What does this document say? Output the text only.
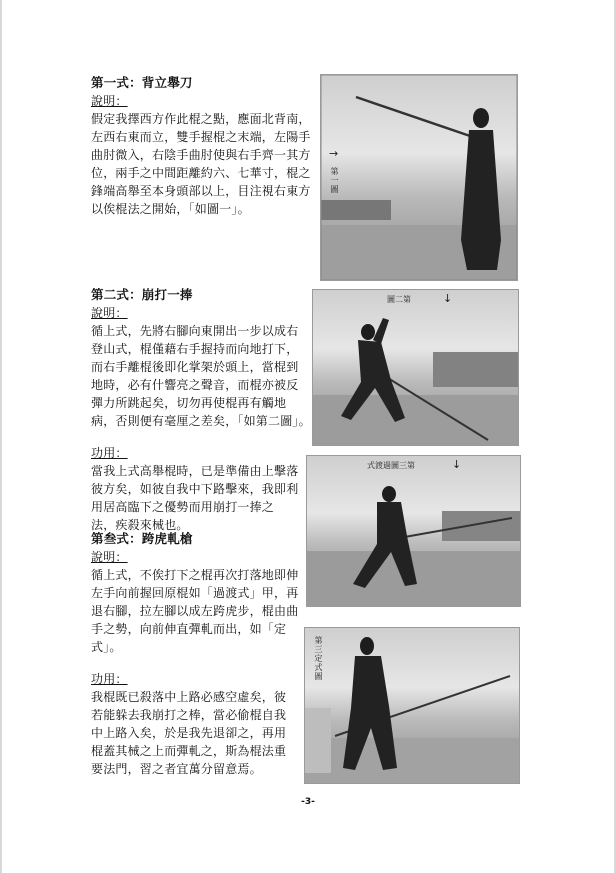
第一式：背立舉刀
說明：

假定我擇西方作此棍之點，應面北背南，
左西右東而立，雙手握棍之末端，左陽手
曲肘微入，右陰手曲肘使與右手齊一其方
位，兩手之中間距離約六、七華寸，棍之
鋒端高舉至本身頭部以上，目注視右東方
以俟棍法之開始，「如圖一」。

→
第一圖
第二式：崩打一捧
說明：

循上式，先將右腳向東開出一步以成右
登山式，棍僅藉右手握持而向地打下，
而右手離棍後即化掌架於頭上，當棍到
地時，必有什響亮之聲音，而棍亦被反
彈力所跳起矣，切勿再使棍再有觸地
病，否則便有毫厘之差矣，「如第二圖」。

功用：

當我上式高舉棍時，已是準備由上擊落
彼方矣，如彼自我中下路擊來，我即利
用居高臨下之優勢而用崩打一捧之
法，疾殺來械也。

圖二第	↓
式渡過圖三第	↓
第叁式：跨虎軋槍
說明：

循上式，不俟打下之棍再次打落地即伸
左手向前握回原棍如「過渡式」甲，再
退右腳，拉左腳以成左跨虎步，棍由曲
手之勢，向前伸直彈軋而出，如「定
式」。

功用：

我棍既已殺落中上路必感空虛矣，彼
若能躲去我崩打之棒，當必偷棍自我
中上路入矣，於是我先退卻之，再用
棍蓋其械之上而彈軋之，斯為棍法重
要法門，習之者宜萬分留意焉。

第三定式圖
-3-
